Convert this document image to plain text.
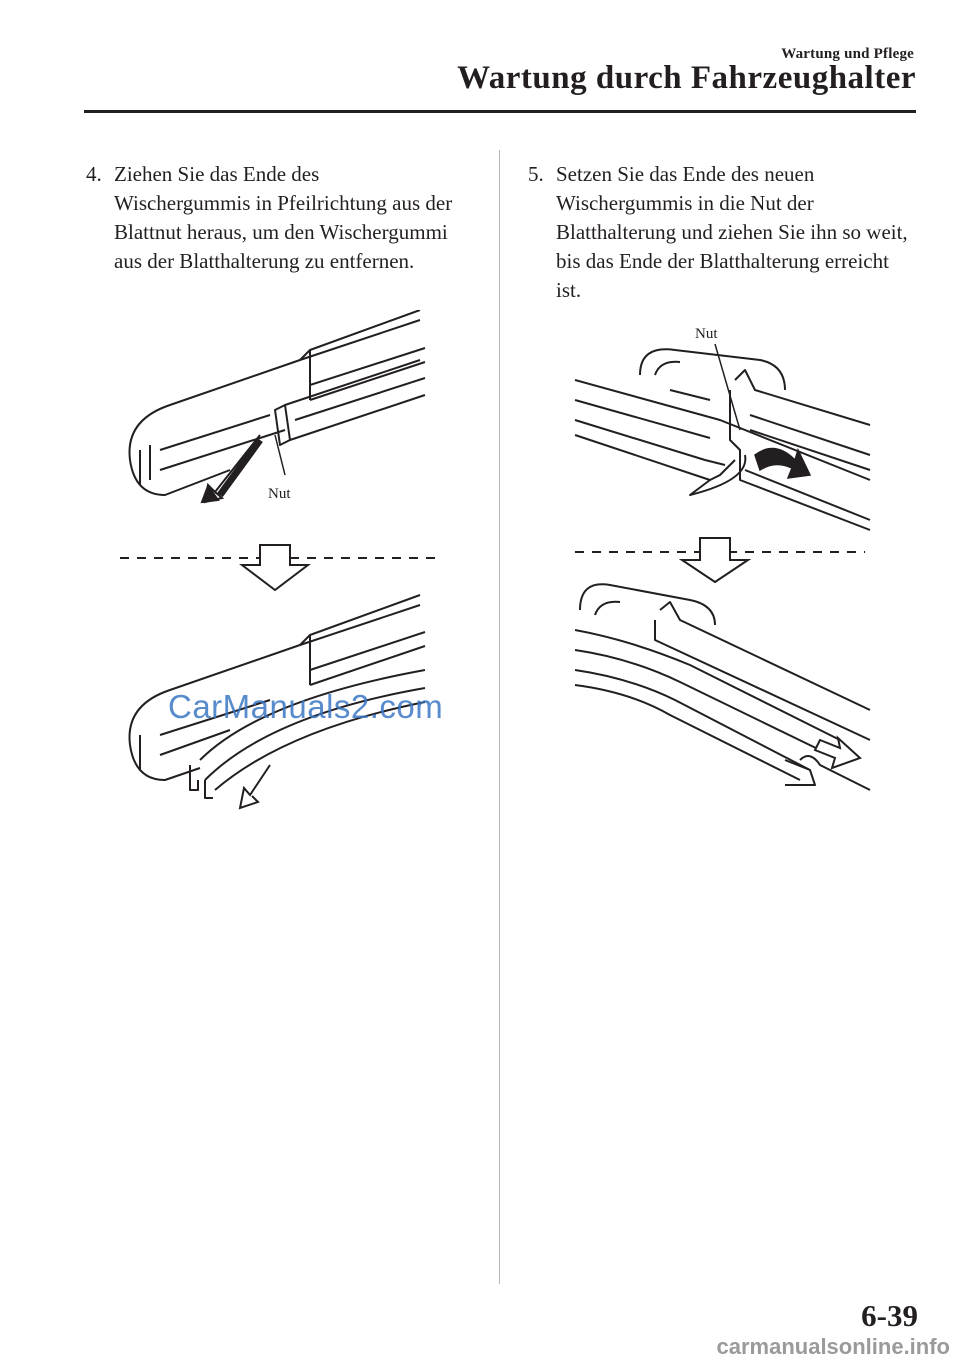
Wartung und Pflege
Wartung durch Fahrzeughalter

4. Ziehen Sie das Ende des
Wischergummis in Pfeilrichtung aus der Blattnut heraus, um den Wischergummi aus der Blatthalterung zu entfernen.

5. Setzen Sie das Ende des neuen
Wischergummis in die Nut der Blatthalterung und ziehen Sie ihn so weit, bis das Ende der Blatthalterung erreicht ist.

Nut
CarManuals2.com
Nut
6-39
carmanualsonline.info
